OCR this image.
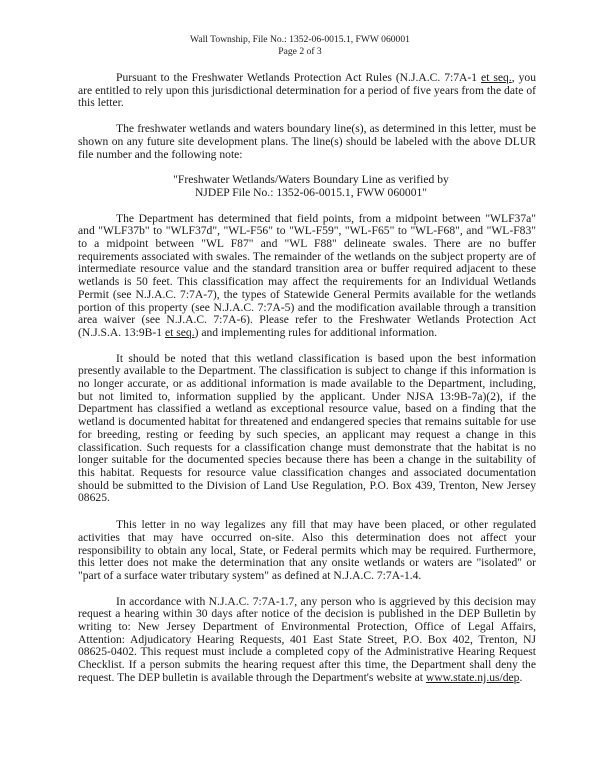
Wall Township, File No.: 1352-06-0015.1, FWW 060001
Page 2 of 3

Pursuant to the Freshwater Wetlands Protection Act Rules (N.J.A.C. 7:7A-1 et seq., you are entitled to rely upon this jurisdictional determination for a period of five years from the date of this letter.

The freshwater wetlands and waters boundary line(s), as determined in this letter, must be shown on any future site development plans. The line(s) should be labeled with the above DLUR file number and the following note:

"Freshwater Wetlands/Waters Boundary Line as verified by
NJDEP File No.: 1352-06-0015.1, FWW 060001"

The Department has determined that field points, from a midpoint between "WLF37a" and "WLF37b" to "WLF37d", "WL-F56" to "WL-F59", "WL-F65" to "WL-F68", and "WL-F83" to a midpoint between "WL F87" and "WL F88" delineate swales. There are no buffer requirements associated with swales. The remainder of the wetlands on the subject property are of intermediate resource value and the standard transition area or buffer required adjacent to these wetlands is 50 feet. This classification may affect the requirements for an Individual Wetlands Permit (see N.J.A.C. 7:7A-7), the types of Statewide General Permits available for the wetlands portion of this property (see N.J.A.C. 7:7A-5) and the modification available through a transition area waiver (see N.J.A.C. 7:7A-6). Please refer to the Freshwater Wetlands Protection Act (N.J.S.A. 13:9B-1 et seq.) and implementing rules for additional information.

It should be noted that this wetland classification is based upon the best information presently available to the Department. The classification is subject to change if this information is no longer accurate, or as additional information is made available to the Department, including, but not limited to, information supplied by the applicant. Under NJSA 13:9B-7a)(2), if the Department has classified a wetland as exceptional resource value, based on a finding that the wetland is documented habitat for threatened and endangered species that remains suitable for use for breeding, resting or feeding by such species, an applicant may request a change in this classification. Such requests for a classification change must demonstrate that the habitat is no longer suitable for the documented species because there has been a change in the suitability of this habitat. Requests for resource value classification changes and associated documentation should be submitted to the Division of Land Use Regulation, P.O. Box 439, Trenton, New Jersey 08625.

This letter in no way legalizes any fill that may have been placed, or other regulated activities that may have occurred on-site. Also this determination does not affect your responsibility to obtain any local, State, or Federal permits which may be required. Furthermore, this letter does not make the determination that any onsite wetlands or waters are "isolated" or "part of a surface water tributary system" as defined at N.J.A.C. 7:7A-1.4.

In accordance with N.J.A.C. 7:7A-1.7, any person who is aggrieved by this decision may request a hearing within 30 days after notice of the decision is published in the DEP Bulletin by writing to: New Jersey Department of Environmental Protection, Office of Legal Affairs, Attention: Adjudicatory Hearing Requests, 401 East State Street, P.O. Box 402, Trenton, NJ 08625-0402. This request must include a completed copy of the Administrative Hearing Request Checklist. If a person submits the hearing request after this time, the Department shall deny the request. The DEP bulletin is available through the Department's website at www.state.nj.us/dep.
